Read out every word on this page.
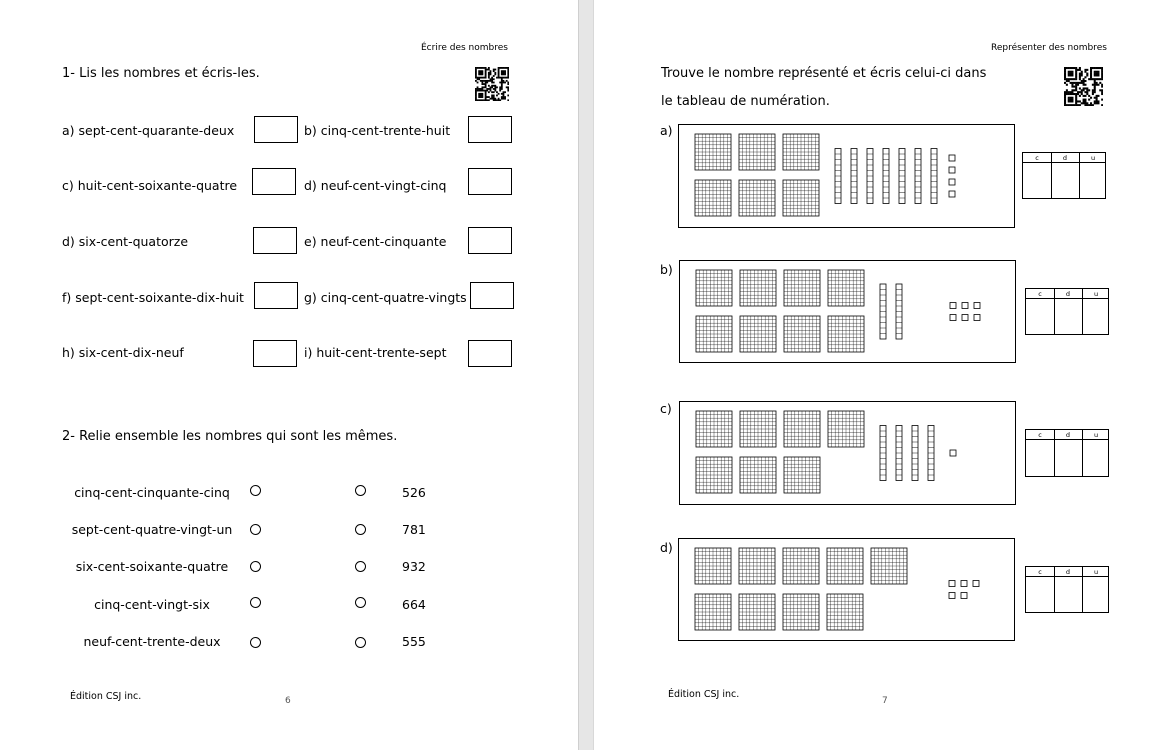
Écrire des nombres
1- Lis les nombres et écris-les.
a) sept-cent-quarante-deux	b) cinq-cent-trente-huit
c) huit-cent-soixante-quatre	d) neuf-cent-vingt-cinq
d) six-cent-quatorze	e) neuf-cent-cinquante
f) sept-cent-soixante-dix-huit	g) cinq-cent-quatre-vingts
h) six-cent-dix-neuf	i) huit-cent-trente-sept
2- Relie ensemble les nombres qui sont les mêmes.
cinq-cent-cinquante-cinq
sept-cent-quatre-vingt-un
six-cent-soixante-quatre
cinq-cent-vingt-six
neuf-cent-trente-deux
526
781
932
664
555
Édition CSJ inc.	6
Représenter des nombres
Trouve le nombre représenté et écris celui-ci dans
le tableau de numération.
a)
c	d	u
b)
c	d	u
c)
c	d	u
d)
c	d	u
Édition CSJ inc.
7
